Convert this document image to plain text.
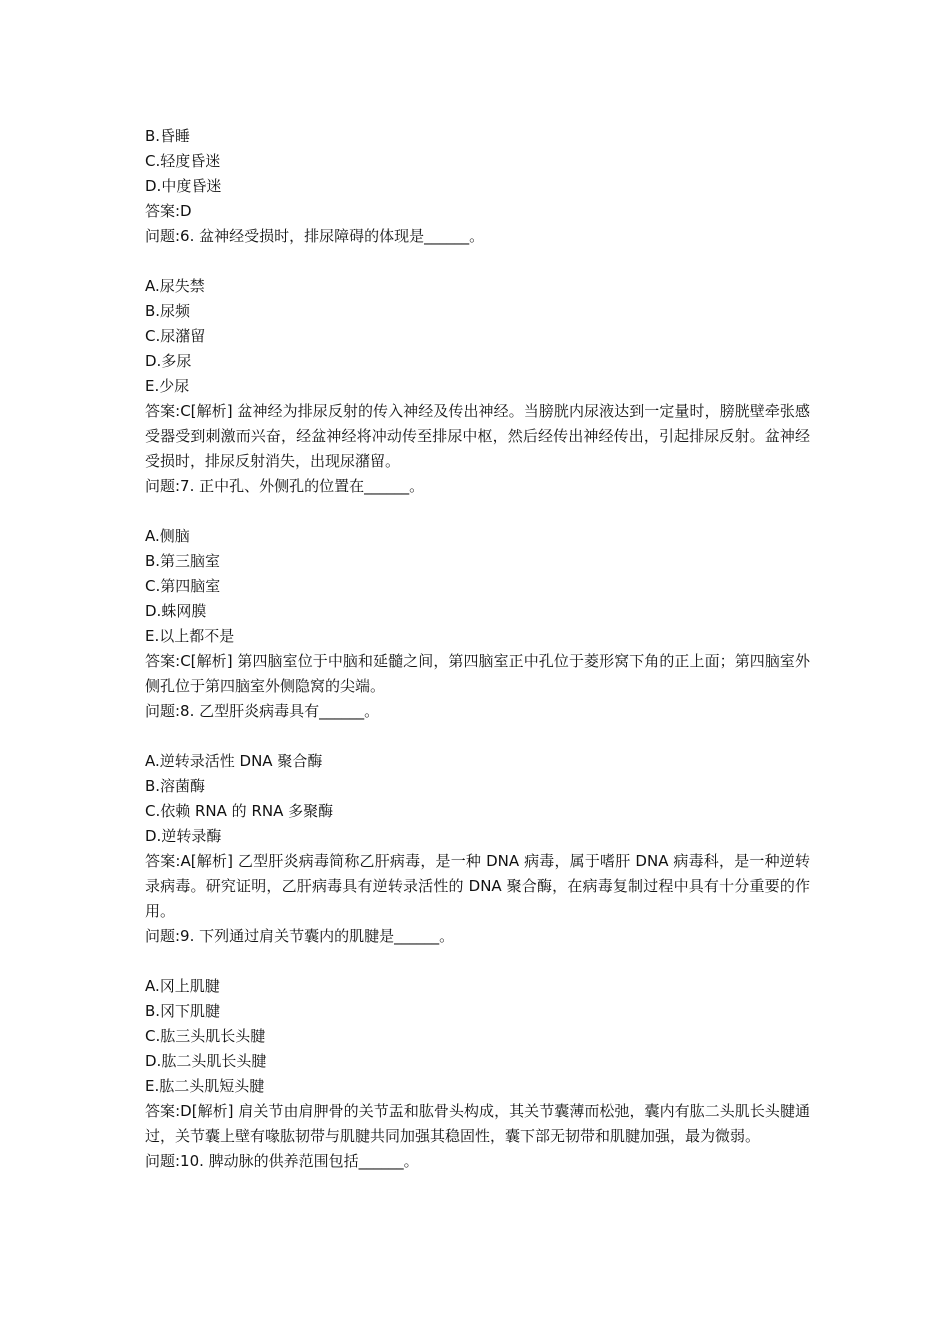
B.昏睡
C.轻度昏迷
D.中度昏迷
答案:D
问题:6. 盆神经受损时，排尿障碍的体现是______。
A.尿失禁
B.尿频
C.尿潴留
D.多尿
E.少尿
答案:C[解析] 盆神经为排尿反射的传入神经及传出神经。当膀胱内尿液达到一定量时，膀胱壁牵张感受器受到刺激而兴奋，经盆神经将冲动传至排尿中枢，然后经传出神经传出，引起排尿反射。盆神经受损时，排尿反射消失，出现尿潴留。
问题:7. 正中孔、外侧孔的位置在______。
A.侧脑
B.第三脑室
C.第四脑室
D.蛛网膜
E.以上都不是
答案:C[解析] 第四脑室位于中脑和延髓之间，第四脑室正中孔位于菱形窝下角的正上面；第四脑室外侧孔位于第四脑室外侧隐窝的尖端。
问题:8. 乙型肝炎病毒具有______。
A.逆转录活性 DNA 聚合酶
B.溶菌酶
C.依赖 RNA 的 RNA 多聚酶
D.逆转录酶
答案:A[解析] 乙型肝炎病毒简称乙肝病毒，是一种 DNA 病毒，属于嗜肝 DNA 病毒科，是一种逆转录病毒。研究证明，乙肝病毒具有逆转录活性的 DNA 聚合酶，在病毒复制过程中具有十分重要的作用。
问题:9. 下列通过肩关节囊内的肌腱是______。
A.冈上肌腱
B.冈下肌腱
C.肱三头肌长头腱
D.肱二头肌长头腱
E.肱二头肌短头腱
答案:D[解析] 肩关节由肩胛骨的关节盂和肱骨头构成，其关节囊薄而松弛，囊内有肱二头肌长头腱通过，关节囊上壁有喙肱韧带与肌腱共同加强其稳固性，囊下部无韧带和肌腱加强，最为微弱。
问题:10. 脾动脉的供养范围包括______。
